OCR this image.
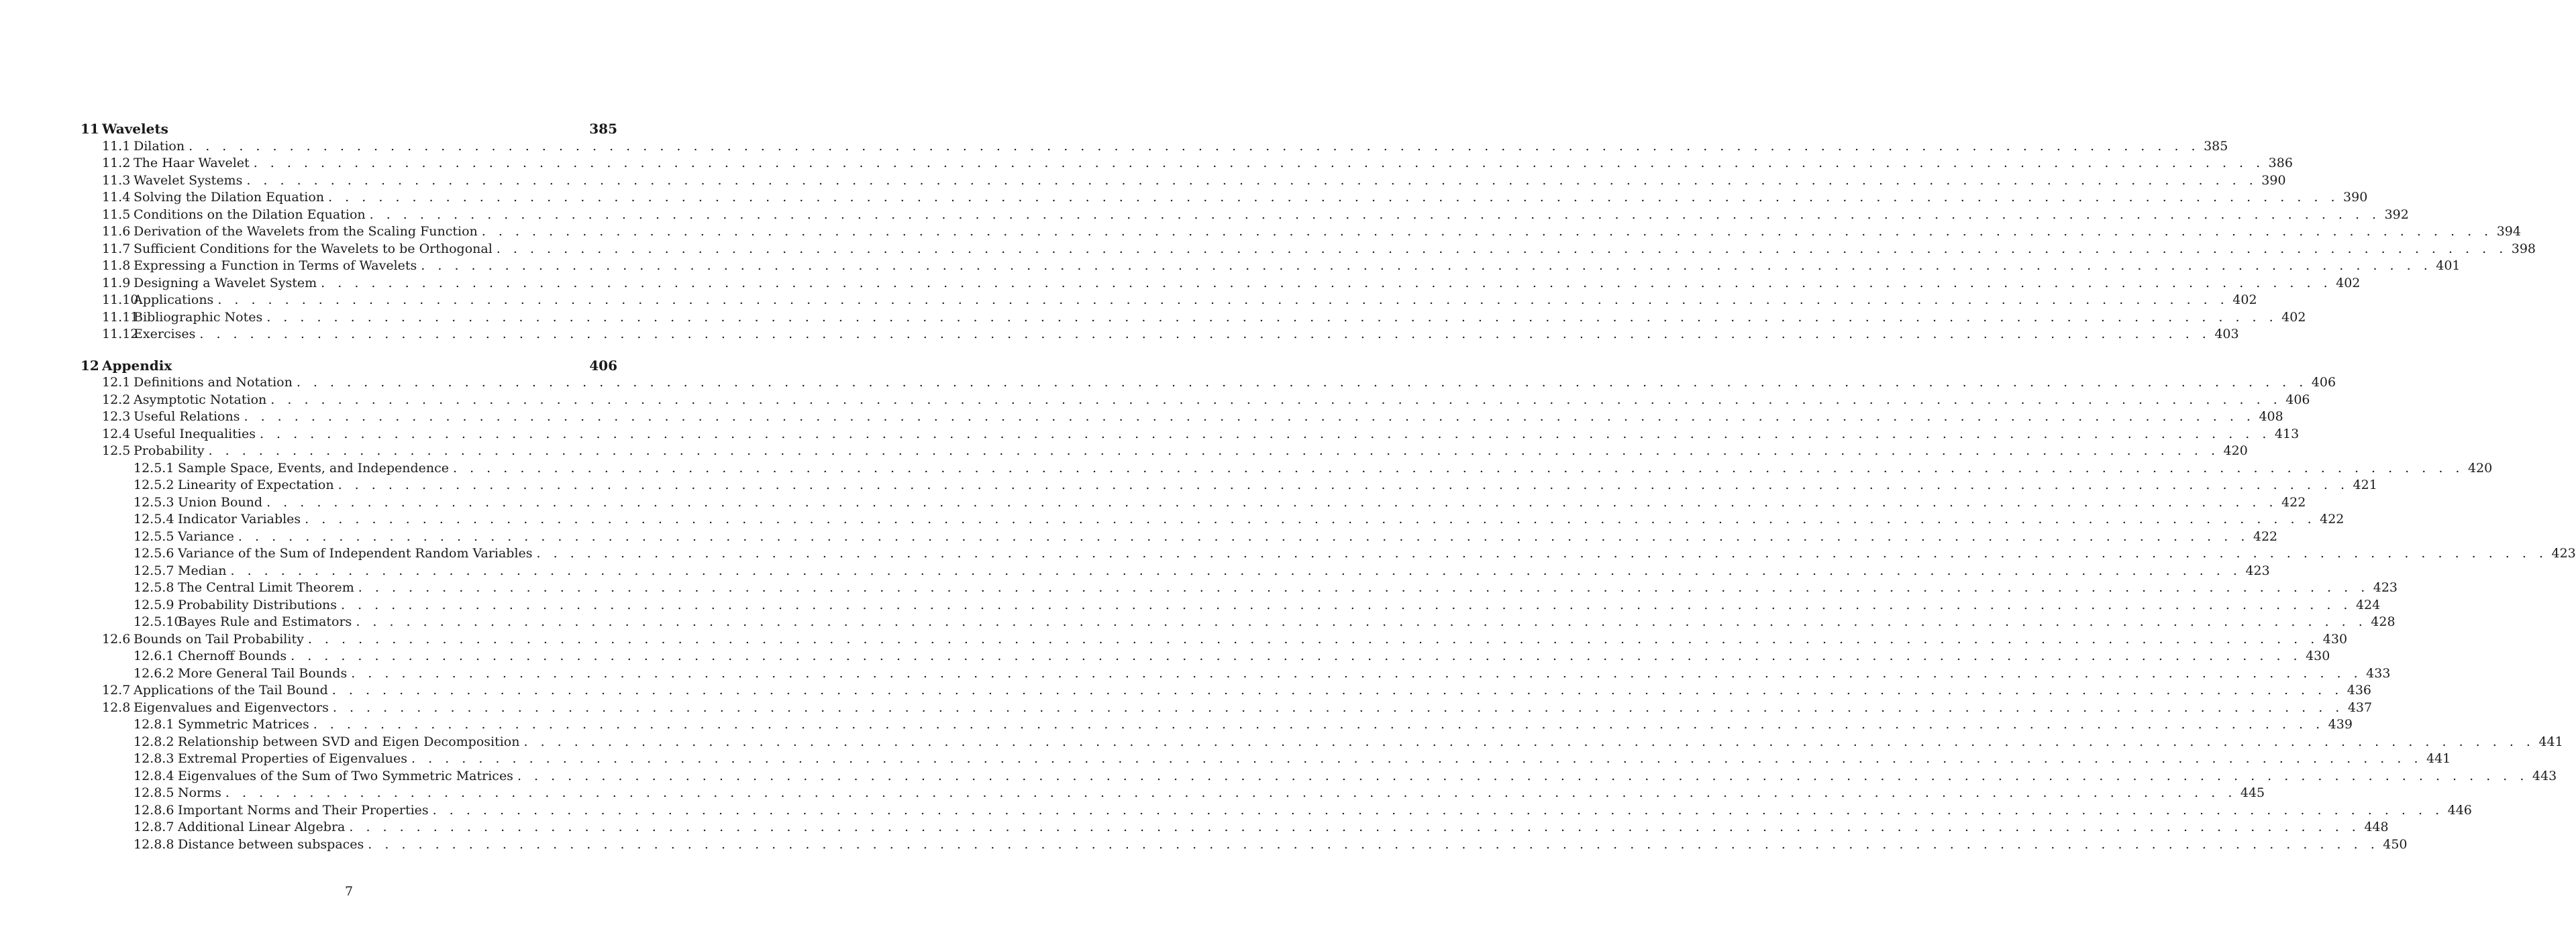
11 Wavelets	385
11.1 Dilation . . . . . . . . . . . . . . . . . . . . . . . . . . . . . . . . . . . . . . . . . . . . . . . . . . . . . . . . . . . . . . . . . . . . . . . . . . . . . . . . . . . . . . . . . . . . . . . . . . . . . . . . . . . . . . . . . . . . . . . . 385
11.2 The Haar Wavelet . . . . . . . . . . . . . . . . . . . . . . . . . . . . . . . . . . . . . . . . . . . . . . . . . . . . . . . . . . . . . . . . . . . . . . . . . . . . . . . . . . . . . . . . . . . . . . . . . . . . . . . . . . . . . . . . . . . . . . . . 386
11.3 Wavelet Systems . . . . . . . . . . . . . . . . . . . . . . . . . . . . . . . . . . . . . . . . . . . . . . . . . . . . . . . . . . . . . . . . . . . . . . . . . . . . . . . . . . . . . . . . . . . . . . . . . . . . . . . . . . . . . . . . . . . . . . . . 390
11.4 Solving the Dilation Equation . . . . . . . . . . . . . . . . . . . . . . . . . . . . . . . . . . . . . . . . . . . . . . . . . . . . . . . . . . . . . . . . . . . . . . . . . . . . . . . . . . . . . . . . . . . . . . . . . . . . . . . . . . . . . . . . . . . . . . . . 390
11.5 Conditions on the Dilation Equation . . . . . . . . . . . . . . . . . . . . . . . . . . . . . . . . . . . . . . . . . . . . . . . . . . . . . . . . . . . . . . . . . . . . . . . . . . . . . . . . . . . . . . . . . . . . . . . . . . . . . . . . . . . . . . . . . . . . . . . . 392
11.6 Derivation of the Wavelets from the Scaling Function . . . . . . . . . . . . . . . . . . . . . . . . . . . . . . . . . . . . . . . . . . . . . . . . . . . . . . . . . . . . . . . . . . . . . . . . . . . . . . . . . . . . . . . . . . . . . . . . . . . . . . . . . . . . . . . . . . . . . . . . 394
11.7 Sufficient Conditions for the Wavelets to be Orthogonal . . . . . . . . . . . . . . . . . . . . . . . . . . . . . . . . . . . . . . . . . . . . . . . . . . . . . . . . . . . . . . . . . . . . . . . . . . . . . . . . . . . . . . . . . . . . . . . . . . . . . . . . . . . . . . . . . . . . . . . . 398
11.8 Expressing a Function in Terms of Wavelets . . . . . . . . . . . . . . . . . . . . . . . . . . . . . . . . . . . . . . . . . . . . . . . . . . . . . . . . . . . . . . . . . . . . . . . . . . . . . . . . . . . . . . . . . . . . . . . . . . . . . . . . . . . . . . . . . . . . . . . . 401
11.9 Designing a Wavelet System . . . . . . . . . . . . . . . . . . . . . . . . . . . . . . . . . . . . . . . . . . . . . . . . . . . . . . . . . . . . . . . . . . . . . . . . . . . . . . . . . . . . . . . . . . . . . . . . . . . . . . . . . . . . . . . . . . . . . . . . 402
11.10
Applications . . . . . . . . . . . . . . . . . . . . . . . . . . . . . . . . . . . . . . . . . . . . . . . . . . . . . . . . . . . . . . . . . . . . . . . . . . . . . . . . . . . . . . . . . . . . . . . . . . . . . . . . . . . . . . . . . . . . . . . . 402
11.11
Bibliographic Notes . . . . . . . . . . . . . . . . . . . . . . . . . . . . . . . . . . . . . . . . . . . . . . . . . . . . . . . . . . . . . . . . . . . . . . . . . . . . . . . . . . . . . . . . . . . . . . . . . . . . . . . . . . . . . . . . . . . . . . . . 402
11.12
Exercises . . . . . . . . . . . . . . . . . . . . . . . . . . . . . . . . . . . . . . . . . . . . . . . . . . . . . . . . . . . . . . . . . . . . . . . . . . . . . . . . . . . . . . . . . . . . . . . . . . . . . . . . . . . . . . . . . . . . . . . . 403
12 Appendix	406
12.1 Definitions and Notation . . . . . . . . . . . . . . . . . . . . . . . . . . . . . . . . . . . . . . . . . . . . . . . . . . . . . . . . . . . . . . . . . . . . . . . . . . . . . . . . . . . . . . . . . . . . . . . . . . . . . . . . . . . . . . . . . . . . . . . . 406
12.2 Asymptotic Notation . . . . . . . . . . . . . . . . . . . . . . . . . . . . . . . . . . . . . . . . . . . . . . . . . . . . . . . . . . . . . . . . . . . . . . . . . . . . . . . . . . . . . . . . . . . . . . . . . . . . . . . . . . . . . . . . . . . . . . . . 406
12.3 Useful Relations . . . . . . . . . . . . . . . . . . . . . . . . . . . . . . . . . . . . . . . . . . . . . . . . . . . . . . . . . . . . . . . . . . . . . . . . . . . . . . . . . . . . . . . . . . . . . . . . . . . . . . . . . . . . . . . . . . . . . . . . 408
12.4 Useful Inequalities . . . . . . . . . . . . . . . . . . . . . . . . . . . . . . . . . . . . . . . . . . . . . . . . . . . . . . . . . . . . . . . . . . . . . . . . . . . . . . . . . . . . . . . . . . . . . . . . . . . . . . . . . . . . . . . . . . . . . . . . 413
12.5 Probability . . . . . . . . . . . . . . . . . . . . . . . . . . . . . . . . . . . . . . . . . . . . . . . . . . . . . . . . . . . . . . . . . . . . . . . . . . . . . . . . . . . . . . . . . . . . . . . . . . . . . . . . . . . . . . . . . . . . . . . . 420
12.5.1 Sample Space, Events, and Independence . . . . . . . . . . . . . . . . . . . . . . . . . . . . . . . . . . . . . . . . . . . . . . . . . . . . . . . . . . . . . . . . . . . . . . . . . . . . . . . . . . . . . . . . . . . . . . . . . . . . . . . . . . . . . . . . . . . . . . . . 420
12.5.2 Linearity of Expectation . . . . . . . . . . . . . . . . . . . . . . . . . . . . . . . . . . . . . . . . . . . . . . . . . . . . . . . . . . . . . . . . . . . . . . . . . . . . . . . . . . . . . . . . . . . . . . . . . . . . . . . . . . . . . . . . . . . . . . . . 421
12.5.3 Union Bound . . . . . . . . . . . . . . . . . . . . . . . . . . . . . . . . . . . . . . . . . . . . . . . . . . . . . . . . . . . . . . . . . . . . . . . . . . . . . . . . . . . . . . . . . . . . . . . . . . . . . . . . . . . . . . . . . . . . . . . . 422
12.5.4 Indicator Variables . . . . . . . . . . . . . . . . . . . . . . . . . . . . . . . . . . . . . . . . . . . . . . . . . . . . . . . . . . . . . . . . . . . . . . . . . . . . . . . . . . . . . . . . . . . . . . . . . . . . . . . . . . . . . . . . . . . . . . . . 422
12.5.5 Variance . . . . . . . . . . . . . . . . . . . . . . . . . . . . . . . . . . . . . . . . . . . . . . . . . . . . . . . . . . . . . . . . . . . . . . . . . . . . . . . . . . . . . . . . . . . . . . . . . . . . . . . . . . . . . . . . . . . . . . . . 422
12.5.6 Variance of the Sum of Independent Random Variables . . . . . . . . . . . . . . . . . . . . . . . . . . . . . . . . . . . . . . . . . . . . . . . . . . . . . . . . . . . . . . . . . . . . . . . . . . . . . . . . . . . . . . . . . . . . . . . . . . . . . . . . . . . . . . . . . . . . . . . . 423
12.5.7 Median . . . . . . . . . . . . . . . . . . . . . . . . . . . . . . . . . . . . . . . . . . . . . . . . . . . . . . . . . . . . . . . . . . . . . . . . . . . . . . . . . . . . . . . . . . . . . . . . . . . . . . . . . . . . . . . . . . . . . . . . 423
12.5.8 The Central Limit Theorem . . . . . . . . . . . . . . . . . . . . . . . . . . . . . . . . . . . . . . . . . . . . . . . . . . . . . . . . . . . . . . . . . . . . . . . . . . . . . . . . . . . . . . . . . . . . . . . . . . . . . . . . . . . . . . . . . . . . . . . . 423
12.5.9 Probability Distributions . . . . . . . . . . . . . . . . . . . . . . . . . . . . . . . . . . . . . . . . . . . . . . . . . . . . . . . . . . . . . . . . . . . . . . . . . . . . . . . . . . . . . . . . . . . . . . . . . . . . . . . . . . . . . . . . . . . . . . . . 424
12.5.10
Bayes Rule and Estimators . . . . . . . . . . . . . . . . . . . . . . . . . . . . . . . . . . . . . . . . . . . . . . . . . . . . . . . . . . . . . . . . . . . . . . . . . . . . . . . . . . . . . . . . . . . . . . . . . . . . . . . . . . . . . . . . . . . . . . . . 428
12.6 Bounds on Tail Probability . . . . . . . . . . . . . . . . . . . . . . . . . . . . . . . . . . . . . . . . . . . . . . . . . . . . . . . . . . . . . . . . . . . . . . . . . . . . . . . . . . . . . . . . . . . . . . . . . . . . . . . . . . . . . . . . . . . . . . . . 430
12.6.1 Chernoff Bounds . . . . . . . . . . . . . . . . . . . . . . . . . . . . . . . . . . . . . . . . . . . . . . . . . . . . . . . . . . . . . . . . . . . . . . . . . . . . . . . . . . . . . . . . . . . . . . . . . . . . . . . . . . . . . . . . . . . . . . . . 430
12.6.2 More General Tail Bounds . . . . . . . . . . . . . . . . . . . . . . . . . . . . . . . . . . . . . . . . . . . . . . . . . . . . . . . . . . . . . . . . . . . . . . . . . . . . . . . . . . . . . . . . . . . . . . . . . . . . . . . . . . . . . . . . . . . . . . . . 433
12.7 Applications of the Tail Bound . . . . . . . . . . . . . . . . . . . . . . . . . . . . . . . . . . . . . . . . . . . . . . . . . . . . . . . . . . . . . . . . . . . . . . . . . . . . . . . . . . . . . . . . . . . . . . . . . . . . . . . . . . . . . . . . . . . . . . . . 436
12.8 Eigenvalues and Eigenvectors . . . . . . . . . . . . . . . . . . . . . . . . . . . . . . . . . . . . . . . . . . . . . . . . . . . . . . . . . . . . . . . . . . . . . . . . . . . . . . . . . . . . . . . . . . . . . . . . . . . . . . . . . . . . . . . . . . . . . . . . 437
12.8.1 Symmetric Matrices . . . . . . . . . . . . . . . . . . . . . . . . . . . . . . . . . . . . . . . . . . . . . . . . . . . . . . . . . . . . . . . . . . . . . . . . . . . . . . . . . . . . . . . . . . . . . . . . . . . . . . . . . . . . . . . . . . . . . . . . 439
12.8.2 Relationship between SVD and Eigen Decomposition . . . . . . . . . . . . . . . . . . . . . . . . . . . . . . . . . . . . . . . . . . . . . . . . . . . . . . . . . . . . . . . . . . . . . . . . . . . . . . . . . . . . . . . . . . . . . . . . . . . . . . . . . . . . . . . . . . . . . . . . 441
12.8.3 Extremal Properties of Eigenvalues . . . . . . . . . . . . . . . . . . . . . . . . . . . . . . . . . . . . . . . . . . . . . . . . . . . . . . . . . . . . . . . . . . . . . . . . . . . . . . . . . . . . . . . . . . . . . . . . . . . . . . . . . . . . . . . . . . . . . . . . 441
12.8.4 Eigenvalues of the Sum of Two Symmetric Matrices . . . . . . . . . . . . . . . . . . . . . . . . . . . . . . . . . . . . . . . . . . . . . . . . . . . . . . . . . . . . . . . . . . . . . . . . . . . . . . . . . . . . . . . . . . . . . . . . . . . . . . . . . . . . . . . . . . . . . . . . 443
12.8.5 Norms . . . . . . . . . . . . . . . . . . . . . . . . . . . . . . . . . . . . . . . . . . . . . . . . . . . . . . . . . . . . . . . . . . . . . . . . . . . . . . . . . . . . . . . . . . . . . . . . . . . . . . . . . . . . . . . . . . . . . . . . 445
12.8.6 Important Norms and Their Properties . . . . . . . . . . . . . . . . . . . . . . . . . . . . . . . . . . . . . . . . . . . . . . . . . . . . . . . . . . . . . . . . . . . . . . . . . . . . . . . . . . . . . . . . . . . . . . . . . . . . . . . . . . . . . . . . . . . . . . . . 446
12.8.7 Additional Linear Algebra . . . . . . . . . . . . . . . . . . . . . . . . . . . . . . . . . . . . . . . . . . . . . . . . . . . . . . . . . . . . . . . . . . . . . . . . . . . . . . . . . . . . . . . . . . . . . . . . . . . . . . . . . . . . . . . . . . . . . . . . 448
12.8.8 Distance between subspaces . . . . . . . . . . . . . . . . . . . . . . . . . . . . . . . . . . . . . . . . . . . . . . . . . . . . . . . . . . . . . . . . . . . . . . . . . . . . . . . . . . . . . . . . . . . . . . . . . . . . . . . . . . . . . . . . . . . . . . . . 450
7
